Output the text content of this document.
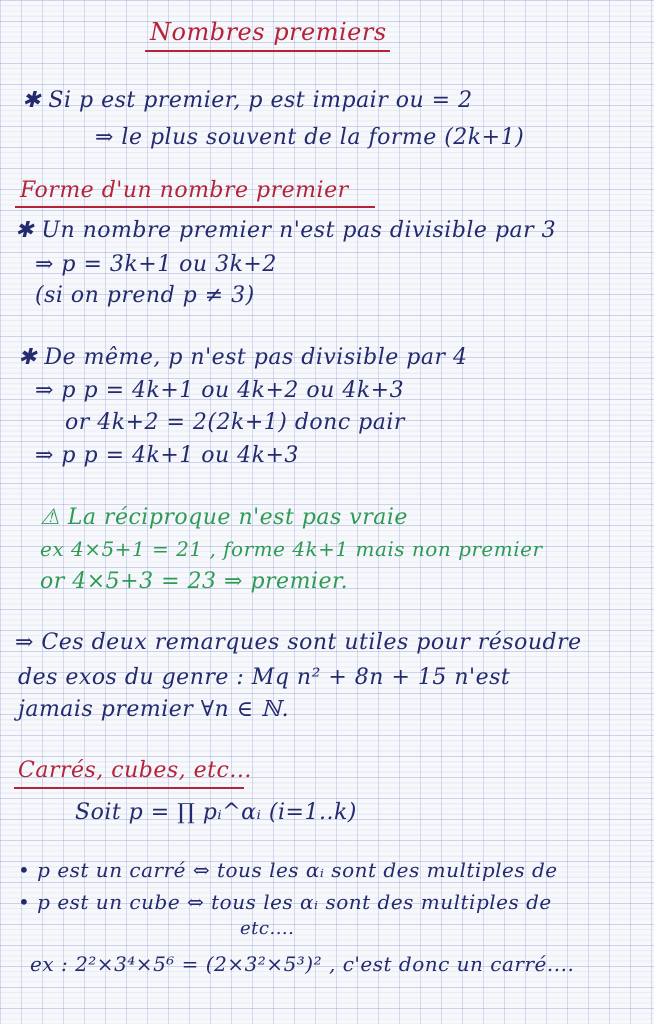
Nombres premiers
✱ Si p est premier, p est impair ou = 2
⇒ le plus souvent de la forme (2k+1)
Forme d'un nombre premier
✱ Un nombre premier n'est pas divisible par 3
⇒ p = 3k+1 ou 3k+2
(si on prend p ≠ 3)
✱ De même, p n'est pas divisible par 4
⇒ p p = 4k+1 ou 4k+2 ou 4k+3
or 4k+2 = 2(2k+1) donc pair
⇒ p p = 4k+1 ou 4k+3
⚠ La réciproque n'est pas vraie
ex 4×5+1 = 21 , forme 4k+1 mais non premier
or 4×5+3 = 23 ⇒ premier.
⇒ Ces deux remarques sont utiles pour résoudre
des exos du genre : Mq n² + 8n + 15 n'est
jamais premier ∀n ∈ ℕ.
Carrés, cubes, etc...
Soit p = ∏ pᵢ^αᵢ (i=1..k)
• p est un carré ⇔ tous les αᵢ sont des multiples de
• p est un cube ⇔ tous les αᵢ sont des multiples de
etc....
ex : 2²×3⁴×5⁶ = (2×3²×5³)² , c'est donc un carré....
